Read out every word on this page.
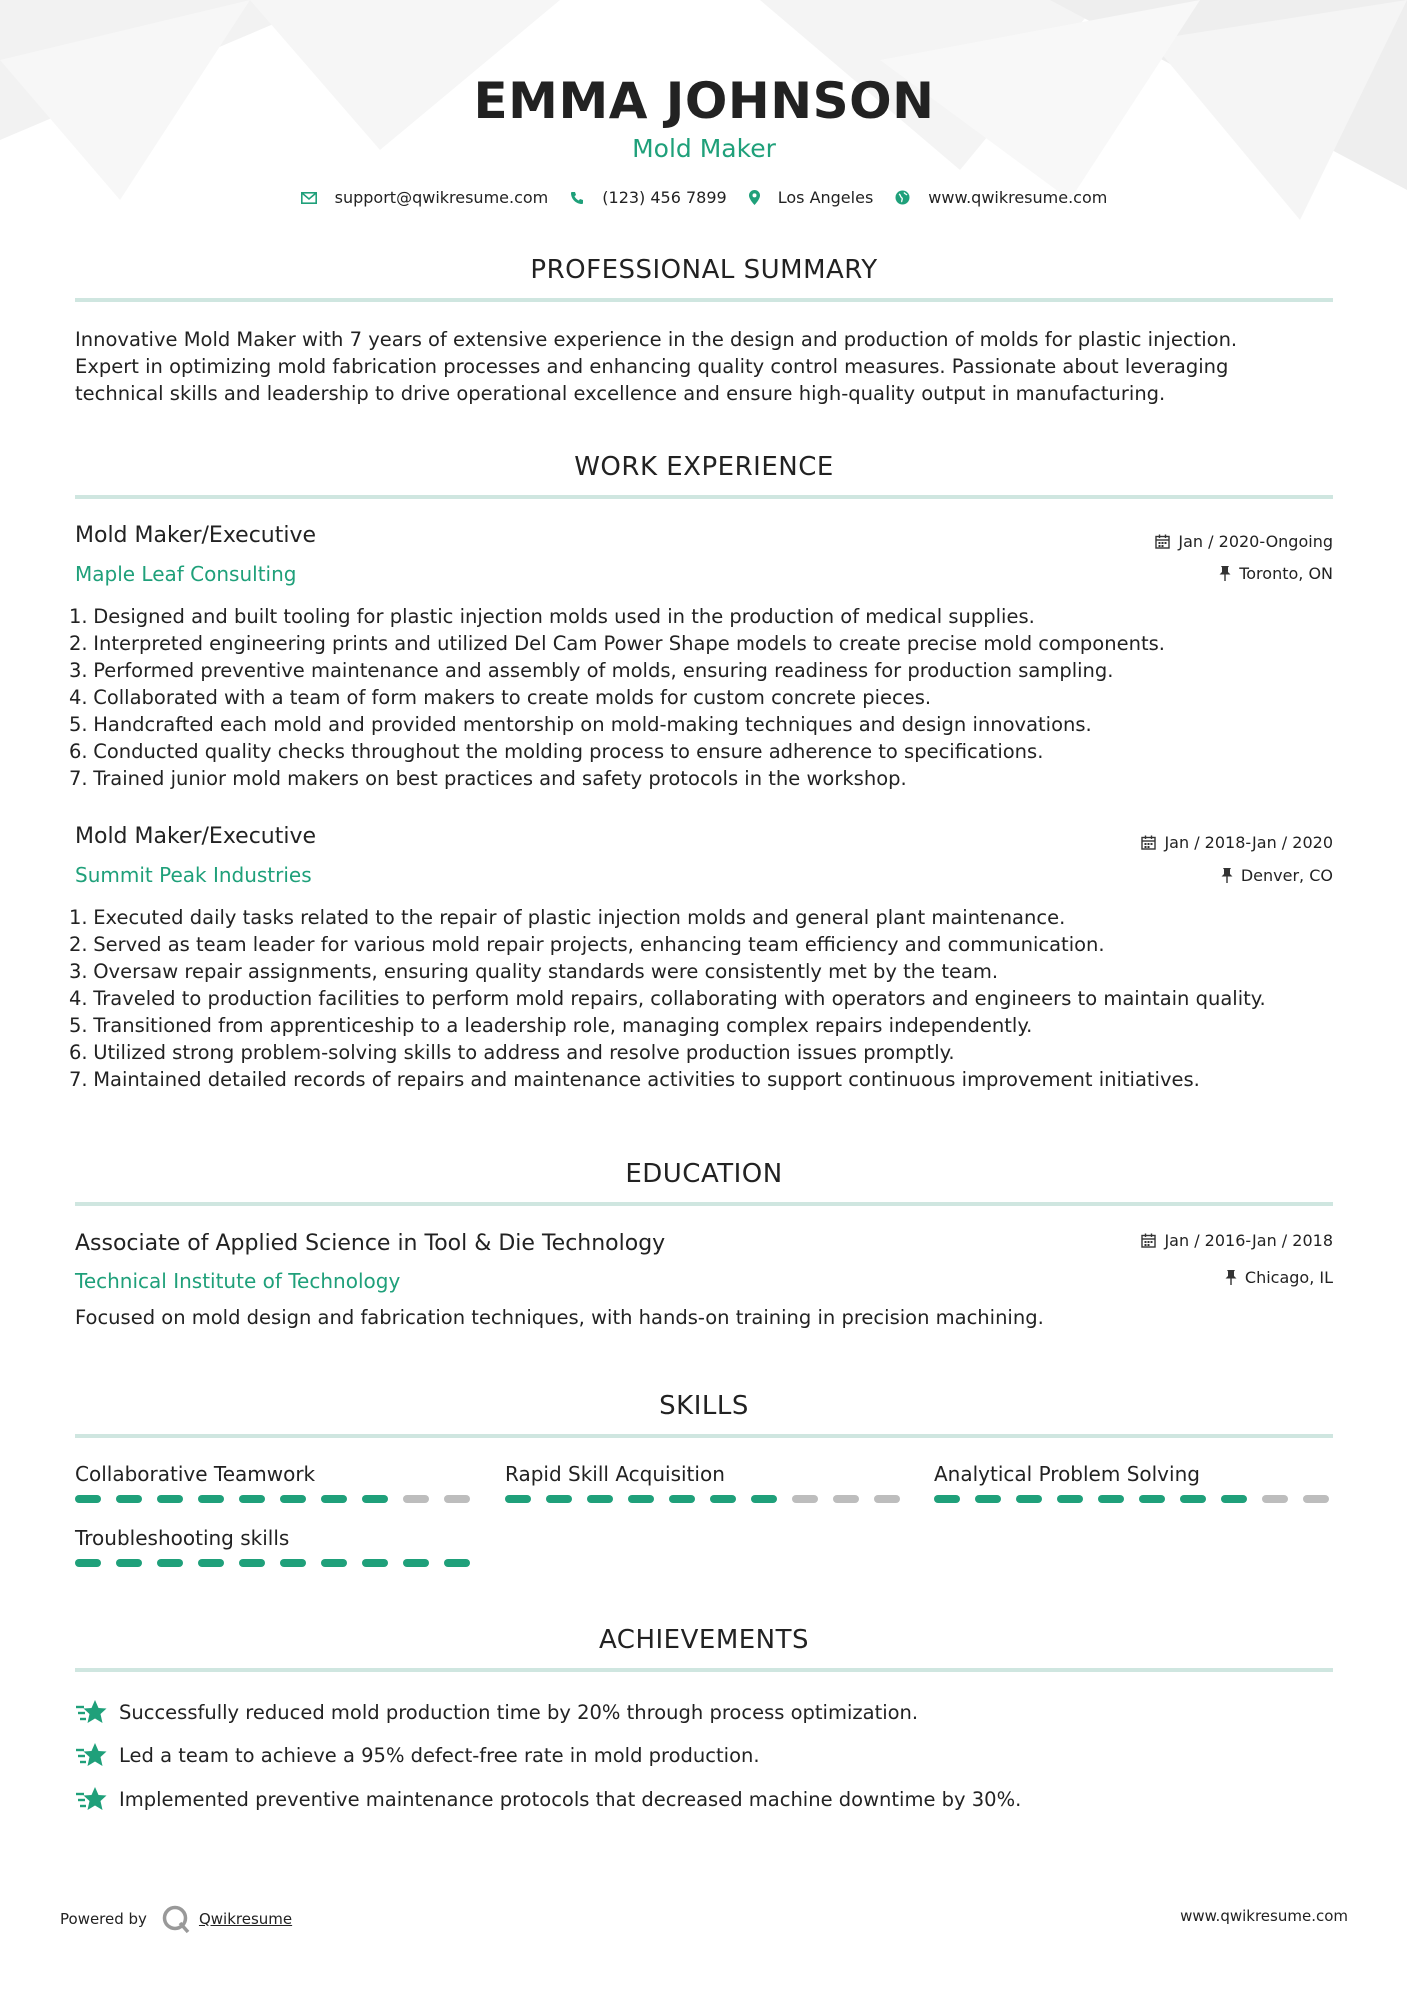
EMMA JOHNSON
Mold Maker
support@qwikresume.com	(123) 456 7899	Los Angeles	www.qwikresume.com
PROFESSIONAL SUMMARY
Innovative Mold Maker with 7 years of extensive experience in the design and production of molds for plastic injection.
Expert in optimizing mold fabrication processes and enhancing quality control measures. Passionate about leveraging
technical skills and leadership to drive operational excellence and ensure high-quality output in manufacturing.
WORK EXPERIENCE
Mold Maker/Executive
Maple Leaf Consulting
Jan / 2020-Ongoing
Toronto, ON
1. Designed and built tooling for plastic injection molds used in the production of medical supplies.
2. Interpreted engineering prints and utilized Del Cam Power Shape models to create precise mold components.
3. Performed preventive maintenance and assembly of molds, ensuring readiness for production sampling.
4. Collaborated with a team of form makers to create molds for custom concrete pieces.
5. Handcrafted each mold and provided mentorship on mold-making techniques and design innovations.
6. Conducted quality checks throughout the molding process to ensure adherence to specifications.
7. Trained junior mold makers on best practices and safety protocols in the workshop.
Mold Maker/Executive
Summit Peak Industries
Jan / 2018-Jan / 2020
Denver, CO
1. Executed daily tasks related to the repair of plastic injection molds and general plant maintenance.
2. Served as team leader for various mold repair projects, enhancing team efficiency and communication.
3. Oversaw repair assignments, ensuring quality standards were consistently met by the team.
4. Traveled to production facilities to perform mold repairs, collaborating with operators and engineers to maintain quality.
5. Transitioned from apprenticeship to a leadership role, managing complex repairs independently.
6. Utilized strong problem-solving skills to address and resolve production issues promptly.
7. Maintained detailed records of repairs and maintenance activities to support continuous improvement initiatives.
EDUCATION
Associate of Applied Science in Tool & Die Technology
Technical Institute of Technology
Jan / 2016-Jan / 2018
Chicago, IL
Focused on mold design and fabrication techniques, with hands-on training in precision machining.
SKILLS
Collaborative Teamwork	Rapid Skill Acquisition	Analytical Problem Solving
Troubleshooting skills
ACHIEVEMENTS
Successfully reduced mold production time by 20% through process optimization.
Led a team to achieve a 95% defect-free rate in mold production.
Implemented preventive maintenance protocols that decreased machine downtime by 30%.
Powered by	Qwikresume	www.qwikresume.com
